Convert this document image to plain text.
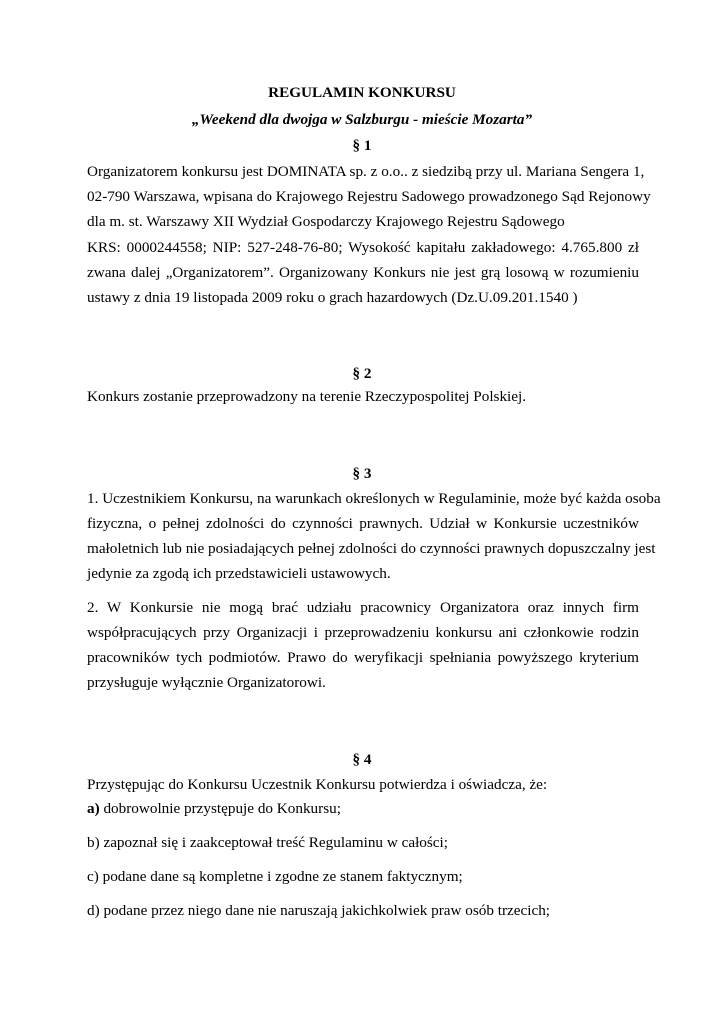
REGULAMIN KONKURSU
„Weekend dla dwojga w Salzburgu - mieście Mozarta”
§ 1
Organizatorem konkursu jest DOMINATA sp. z o.o.. z siedzibą przy ul. Mariana Sengera 1,
02-790 Warszawa, wpisana do Krajowego Rejestru Sadowego prowadzonego Sąd Rejonowy
dla m. st. Warszawy XII Wydział Gospodarczy Krajowego Rejestru Sądowego
KRS: 0000244558; NIP: 527-248-76-80; Wysokość kapitału zakładowego: 4.765.800 zł
zwana dalej „Organizatorem”. Organizowany Konkurs nie jest grą losową w rozumieniu
ustawy z dnia 19 listopada 2009 roku o grach hazardowych (Dz.U.09.201.1540 )
§ 2
Konkurs zostanie przeprowadzony na terenie Rzeczypospolitej Polskiej.
§ 3
1. Uczestnikiem Konkursu, na warunkach określonych w Regulaminie, może być każda osoba
fizyczna, o pełnej zdolności do czynności prawnych. Udział w Konkursie uczestników
małoletnich lub nie posiadających pełnej zdolności do czynności prawnych dopuszczalny jest
jedynie za zgodą ich przedstawicieli ustawowych.
2. W Konkursie nie mogą brać udziału pracownicy Organizatora oraz innych firm
współpracujących przy Organizacji i przeprowadzeniu konkursu ani członkowie rodzin
pracowników tych podmiotów. Prawo do weryfikacji spełniania powyższego kryterium
przysługuje wyłącznie Organizatorowi.
§ 4
Przystępując do Konkursu Uczestnik Konkursu potwierdza i oświadcza, że:
a) dobrowolnie przystępuje do Konkursu;
b) zapoznał się i zaakceptował treść Regulaminu w całości;
c) podane dane są kompletne i zgodne ze stanem faktycznym;
d) podane przez niego dane nie naruszają jakichkolwiek praw osób trzecich;
